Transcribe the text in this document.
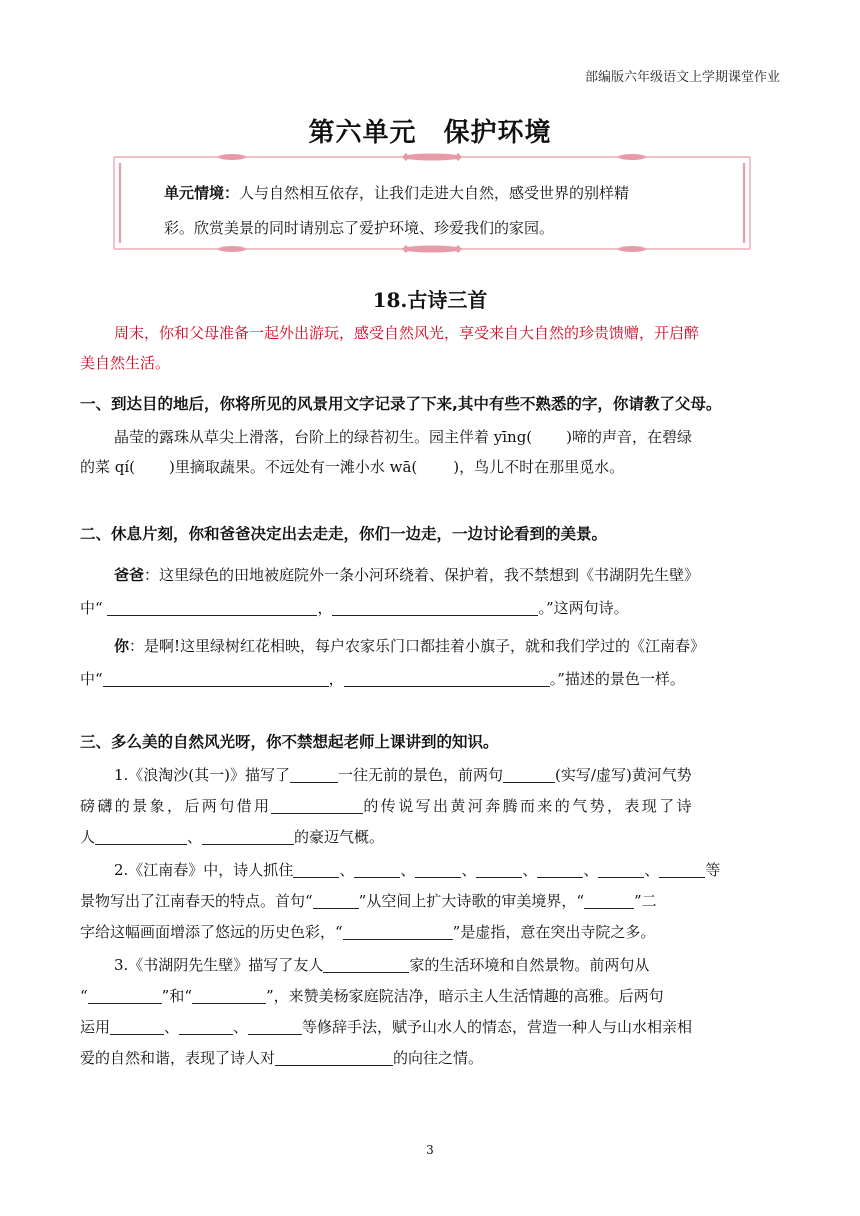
部编版六年级语文上学期课堂作业
第六单元　保护环境
单元情境：人与自然相互依存，让我们走进大自然，感受世界的别样精
彩。欣赏美景的同时请别忘了爱护环境、珍爱我们的家园。
18.古诗三首
周末，你和父母准备一起外出游玩，感受自然风光，享受来自大自然的珍贵馈赠，开启醉
美自然生活。
一、到达目的地后，你将所见的风景用文字记录了下来,其中有些不熟悉的字，你请教了父母。
晶莹的露珠从草尖上滑落，台阶上的绿苔初生。园主伴着 yīng( )啼的声音，在碧绿
的菜 qí( )里摘取蔬果。不远处有一滩小水 wā( )，鸟儿不时在那里觅水。
二、休息片刻，你和爸爸决定出去走走，你们一边走，一边讨论看到的美景。
爸爸：这里绿色的田地被庭院外一条小河环绕着、保护着，我不禁想到《书湖阴先生壁》
中“	，	。”这两句诗。
你：是啊!这里绿树红花相映，每户农家乐门口都挂着小旗子，就和我们学过的《江南春》
中“	，	。”描述的景色一样。
三、多么美的自然风光呀，你不禁想起老师上课讲到的知识。
1.《浪淘沙(其一)》描写了	一往无前的景色，前两句	(实写/虚写)黄河气势
磅礴的景象，后两句借用	的传说写出黄河奔腾而来的气势，表现了诗
人	、	的豪迈气概。
2.《江南春》中，诗人抓住	、	、	、	、	、	、	等
景物写出了江南春天的特点。首句“	”从空间上扩大诗歌的审美境界，“	”二
字给这幅画面增添了悠远的历史色彩，“	”是虚指，意在突出寺院之多。
3.《书湖阴先生壁》描写了友人	家的生活环境和自然景物。前两句从
“	”和“	”，来赞美杨家庭院洁净，暗示主人生活情趣的高雅。后两句
运用	、	、	等修辞手法，赋予山水人的情态，营造一种人与山水相亲相
爱的自然和谐，表现了诗人对	的向往之情。
3
